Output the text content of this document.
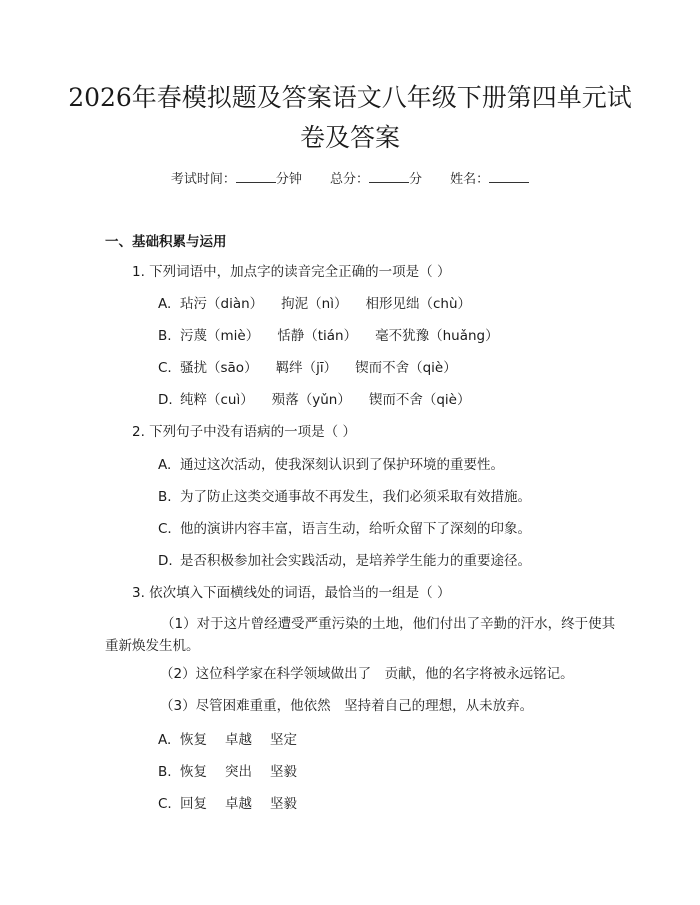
2026年春模拟题及答案语文八年级下册第四单元试卷及答案
考试时间：	分钟 总分：	分 姓名：
一、基础积累与运用
1. 下列词语中，加点字的读音完全正确的一项是（ ）
A. 玷污（diàn） 拘泥（nì） 相形见绌（chù）
B. 污蔑（miè） 恬静（tián） 毫不犹豫（huǎng）
C. 骚扰（sāo） 羁绊（jī） 锲而不舍（qiè）
D. 纯粹（cuì） 殒落（yǔn） 锲而不舍（qiè）
2. 下列句子中没有语病的一项是（ ）
A. 通过这次活动，使我深刻认识到了保护环境的重要性。
B. 为了防止这类交通事故不再发生，我们必须采取有效措施。
C. 他的演讲内容丰富，语言生动，给听众留下了深刻的印象。
D. 是否积极参加社会实践活动，是培养学生能力的重要途径。
3. 依次填入下面横线处的词语，最恰当的一组是（ ）
（1）对于这片曾经遭受严重污染的土地，他们付出了辛勤的汗水，终于使其　重新焕发生机。
（2）这位科学家在科学领域做出了　贡献，他的名字将被永远铭记。
（3）尽管困难重重，他依然　坚持着自己的理想，从未放弃。
A. 恢复 卓越 坚定
B. 恢复 突出 坚毅
C. 回复 卓越 坚毅
